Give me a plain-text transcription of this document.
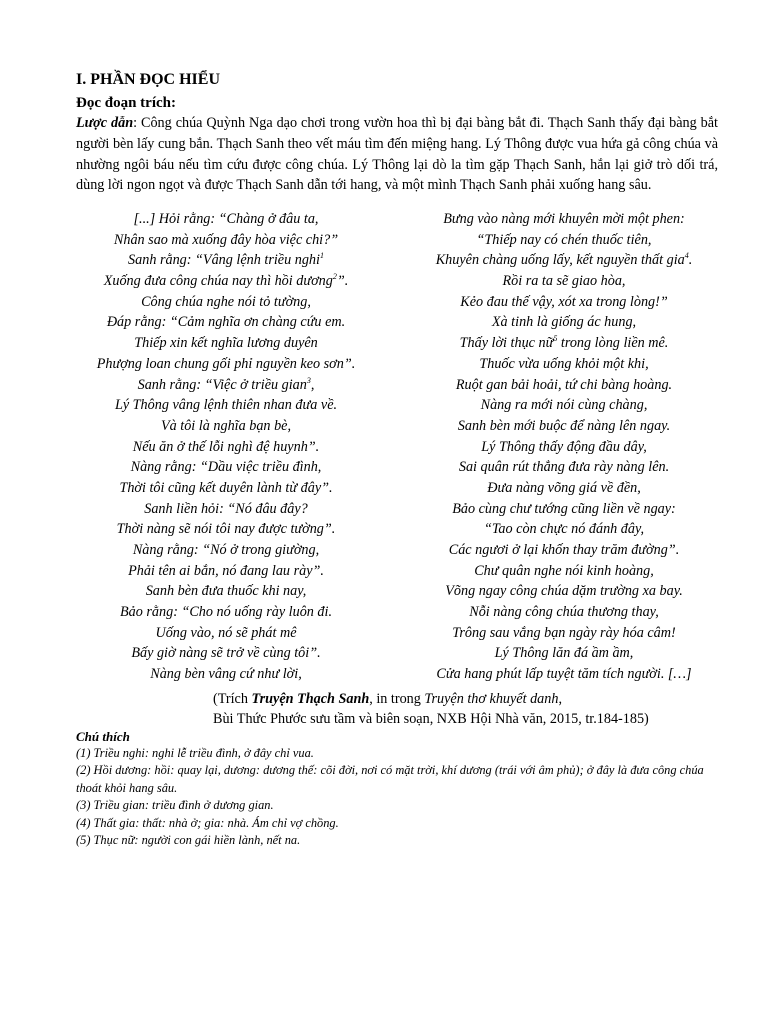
I. PHẦN ĐỌC HIỂU
Đọc đoạn trích:

Lược dẫn: Công chúa Quỳnh Nga dạo chơi trong vườn hoa thì bị đại bàng bắt đi. Thạch Sanh thấy đại bàng bắt người bèn lấy cung bắn. Thạch Sanh theo vết máu tìm đến miệng hang. Lý Thông được vua hứa gả công chúa và nhường ngôi báu nếu tìm cứu được công chúa. Lý Thông lại dò la tìm gặp Thạch Sanh, hắn lại giở trò dối trá, dùng lời ngon ngọt và được Thạch Sanh dẫn tới hang, và một mình Thạch Sanh phải xuống hang sâu.

[...] Hỏi rằng: “Chàng ở đâu ta,
Nhân sao mà xuống đây hòa việc chi?”
Sanh rằng: “Vâng lệnh triều nghi$^1$
Xuống đưa công chúa nay thì hồi dương$^2$”.
Công chúa nghe nói tỏ tường,
Đáp rằng: “Cảm nghĩa ơn chàng cứu em.
Thiếp xin kết nghĩa lương duyên
Phượng loan chung gối phỉ nguyền keo sơn”.
Sanh rằng: “Việc ở triều gian$^3$,
Lý Thông vâng lệnh thiên nhan đưa về.
Và tôi là nghĩa bạn bè,
Nếu ăn ở thế lỗi nghì đệ huynh”.
Nàng rằng: “Dầu việc triều đình,
Thời tôi cũng kết duyên lành từ đây”.
Sanh liền hỏi: “Nó đâu đây?
Thời nàng sẽ nói tôi nay được tường”.
Nàng rằng: “Nó ở trong giường,
Phải tên ai bắn, nó đang lau rày”.
Sanh bèn đưa thuốc khi nay,
Bảo rằng: “Cho nó uống rày luôn đi.
Uống vào, nó sẽ phát mê
Bấy giờ nàng sẽ trở về cùng tôi”.
Nàng bèn vâng cứ như lời,
Bưng vào nàng mới khuyên mời một phen:
“Thiếp nay có chén thuốc tiên,
Khuyên chàng uống lấy, kết nguyền thất gia$^4$.
Rồi ra ta sẽ giao hòa,
Kẻo đau thế vậy, xót xa trong lòng!”
Xà tinh là giống ác hung,
Thấy lời thục nữ$^5$ trong lòng liền mê.
Thuốc vừa uống khỏi một khi,
Ruột gan bải hoải, tứ chi bàng hoàng.
Nàng ra mới nói cùng chàng,
Sanh bèn mới buộc để nàng lên ngay.
Lý Thông thấy động đầu dây,
Sai quân rút thẳng đưa rày nàng lên.
Đưa nàng võng giá về đền,
Bảo cùng chư tướng cũng liền về ngay:
“Tao còn chực nó đánh đây,
Các ngươi ở lại khốn thay trăm đường”.
Chư quân nghe nói kinh hoàng,
Võng ngay công chúa dặm trường xa bay.
Nỗi nàng công chúa thương thay,
Trông sau vắng bạn ngày rày hóa câm!
Lý Thông lăn đá ầm ầm,
Cửa hang phút lấp tuyệt tăm tích người. […]
(Trích Truyện Thạch Sanh, in trong Truyện thơ khuyết danh,
Bùi Thức Phước sưu tầm và biên soạn, NXB Hội Nhà văn, 2015, tr.184-185)
Chú thích
(1) Triều nghi: nghi lễ triều đình, ở đây chỉ vua.
(2) Hồi dương: hồi: quay lại, dương: dương thế: cõi đời, nơi có mặt trời, khí dương (trái với âm phủ); ở đây là đưa công chúa thoát khỏi hang sâu.
(3) Triều gian: triều đình ở dương gian.
(4) Thất gia: thất: nhà ở; gia: nhà. Ám chỉ vợ chồng.
(5) Thục nữ: người con gái hiền lành, nết na.
